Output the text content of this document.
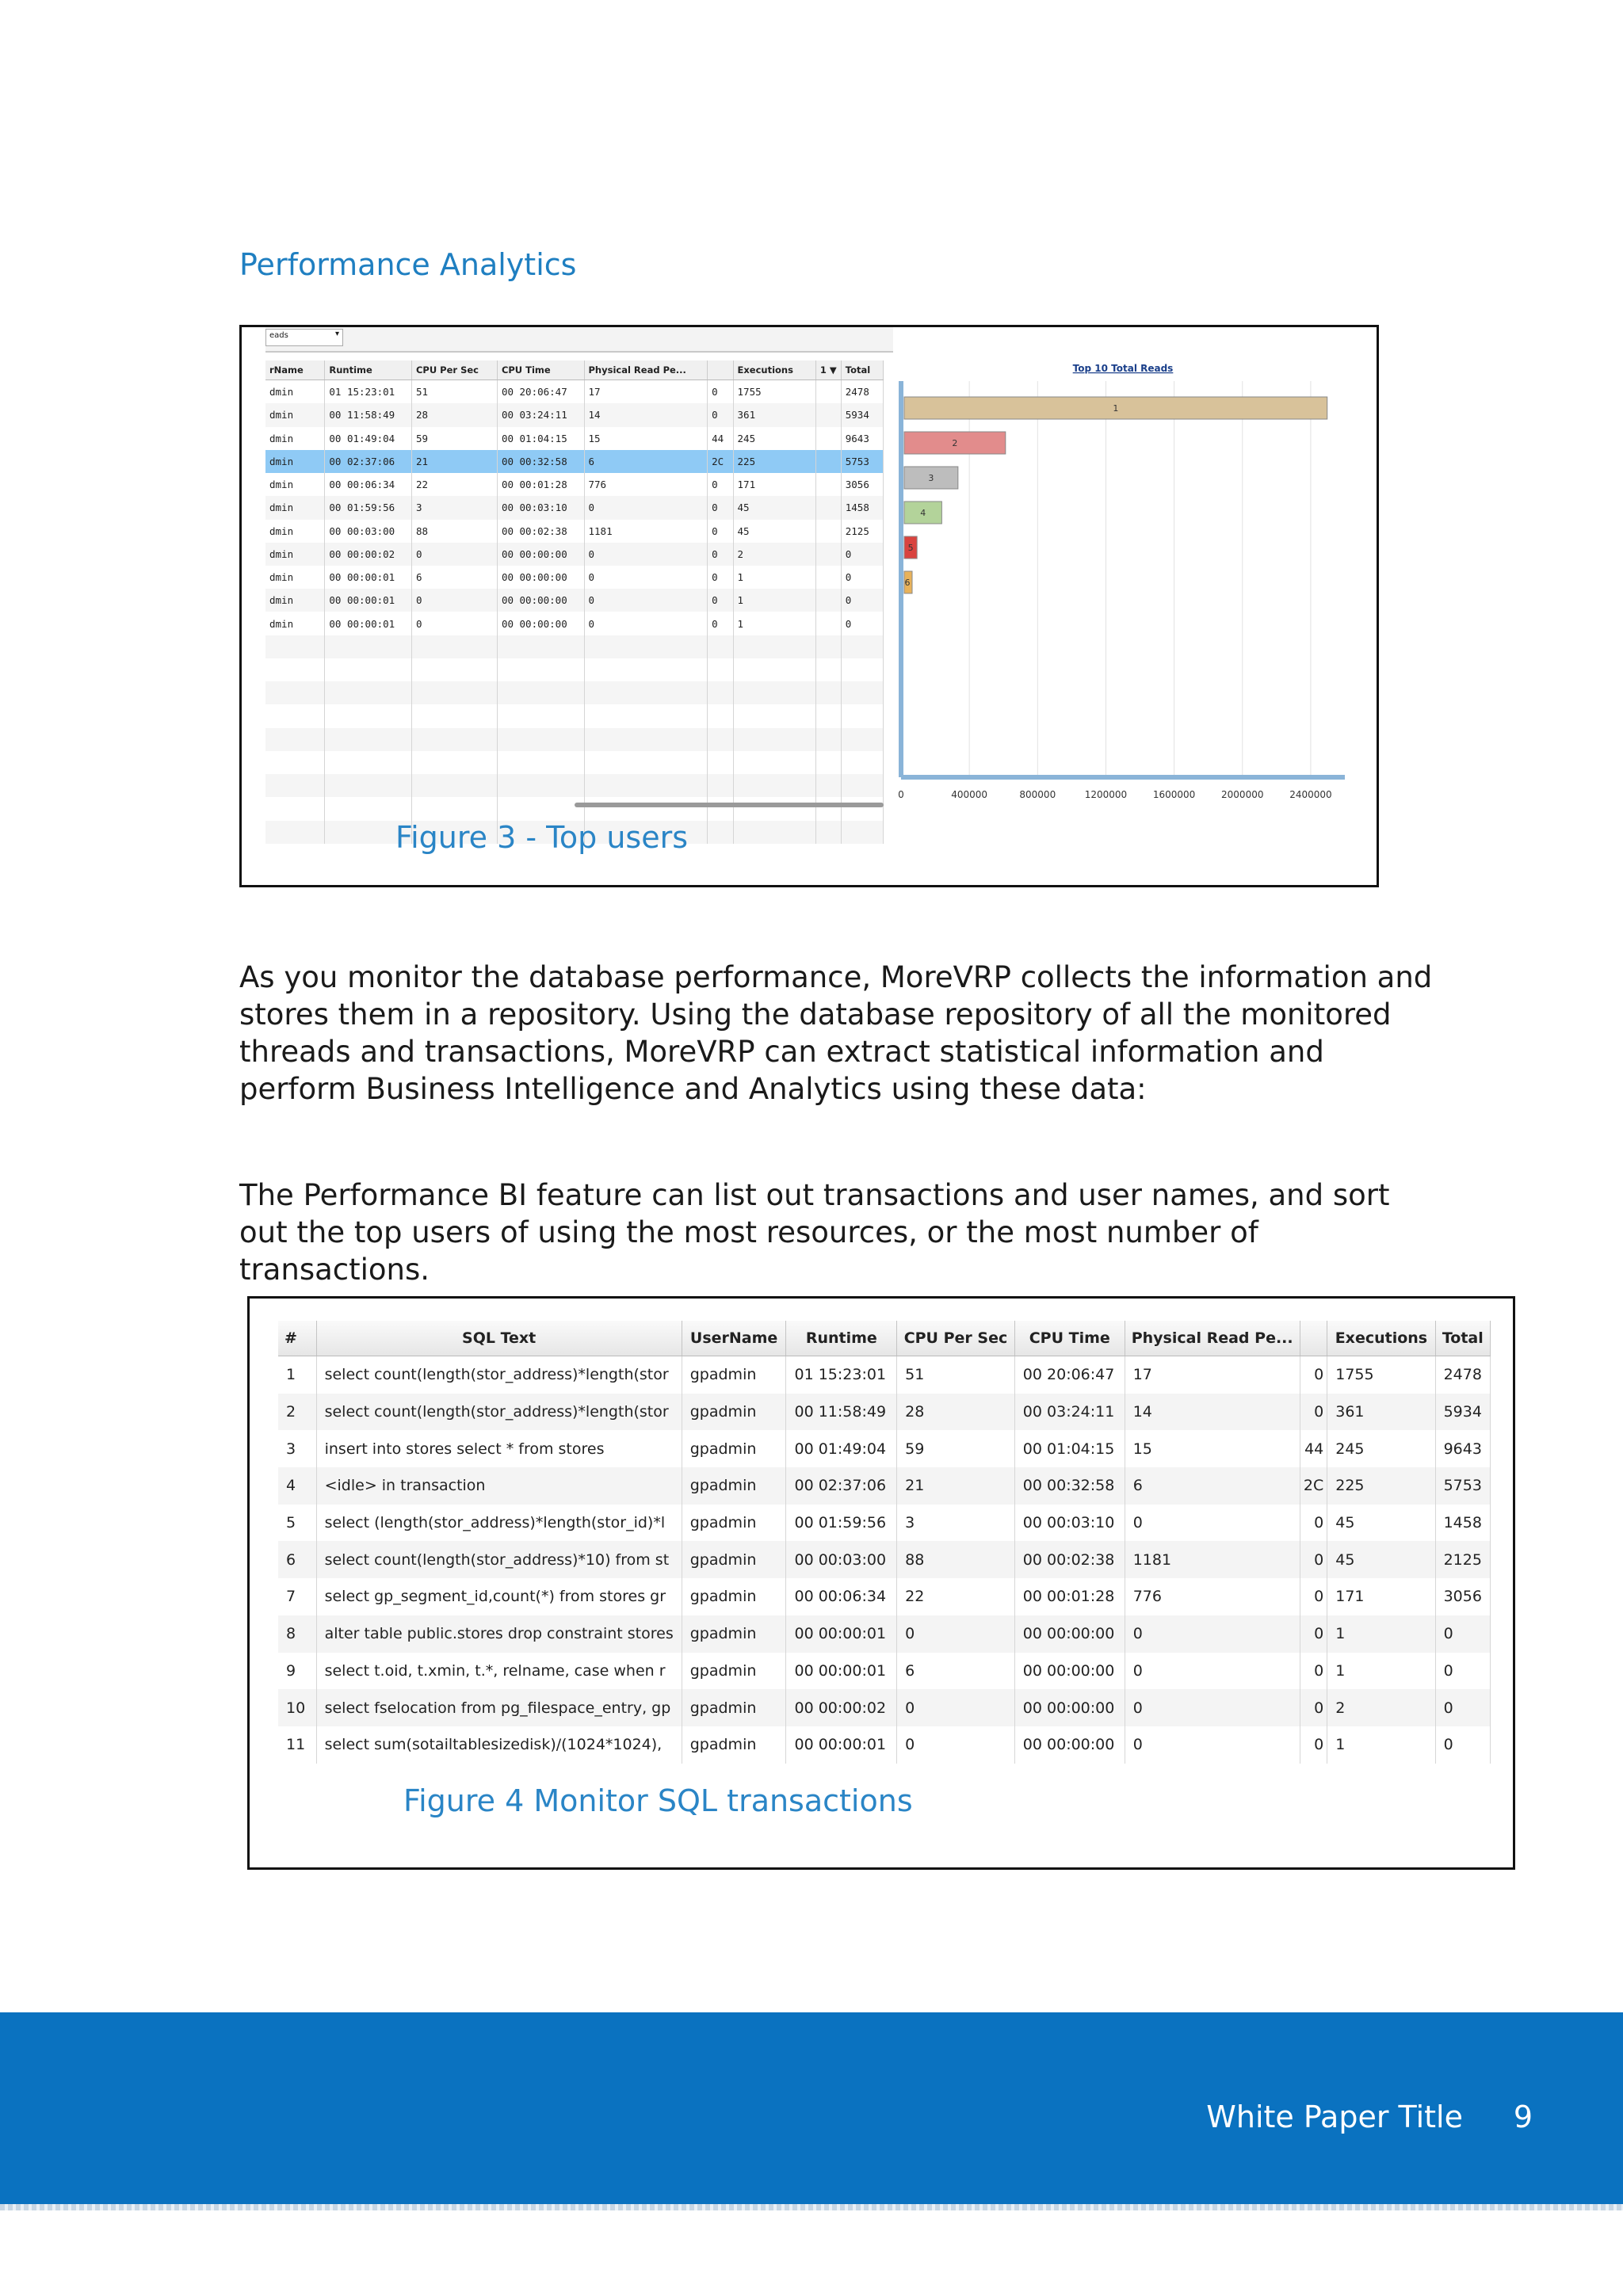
Performance Analytics
eads	▾
rName	Runtime	CPU Per Sec	CPU Time	Physical Read Pe...		Executions	1 ▼	Total
dmin	01 15:23:01	51	00 20:06:47	17	0	1755		2478
dmin	00 11:58:49	28	00 03:24:11	14	0	361		5934
dmin	00 01:49:04	59	00 01:04:15	15	44	245		9643
dmin	00 02:37:06	21	00 00:32:58	6	2C	225		5753
dmin	00 00:06:34	22	00 00:01:28	776	0	171		3056
dmin	00 01:59:56	3	00 00:03:10	0	0	45		1458
dmin	00 00:03:00	88	00 00:02:38	1181	0	45		2125
dmin	00 00:00:02	0	00 00:00:00	0	0	2		0
dmin	00 00:00:01	6	00 00:00:00	0	0	1		0
dmin	00 00:00:01	0	00 00:00:00	0	0	1		0
dmin	00 00:00:01	0	00 00:00:00	0	0	1		0

Top 10 Total Reads
0	400000	800000	1200000	1600000	2000000	2400000
1
2
3
4
5
6
Figure 3 - Top users
As you monitor the database performance, MoreVRP collects the information and stores them in a repository. Using the database repository of all the monitored threads and transactions, MoreVRP can extract statistical information and perform Business Intelligence and Analytics using these data:
The Performance BI feature can list out transactions and user names, and sort out the top users of using the most resources, or the most number of transactions.
#	SQL Text	UserName	Runtime	CPU Per Sec	CPU Time	Physical Read Pe...		Executions	Total
1	select count(length(stor_address)*length(stor	gpadmin	01 15:23:01	51	00 20:06:47	17	0	1755	2478
2	select count(length(stor_address)*length(stor	gpadmin	00 11:58:49	28	00 03:24:11	14	0	361	5934
3	insert into stores select * from stores	gpadmin	00 01:49:04	59	00 01:04:15	15	44	245	9643
4	<idle> in transaction	gpadmin	00 02:37:06	21	00 00:32:58	6	2C	225	5753
5	select (length(stor_address)*length(stor_id)*l	gpadmin	00 01:59:56	3	00 00:03:10	0	0	45	1458
6	select count(length(stor_address)*10) from st	gpadmin	00 00:03:00	88	00 00:02:38	1181	0	45	2125
7	select gp_segment_id,count(*) from stores gr	gpadmin	00 00:06:34	22	00 00:01:28	776	0	171	3056
8	alter table public.stores drop constraint stores	gpadmin	00 00:00:01	0	00 00:00:00	0	0	1	0
9	select t.oid, t.xmin, t.*, relname, case when r	gpadmin	00 00:00:01	6	00 00:00:00	0	0	1	0
10	select fselocation from pg_filespace_entry, gp	gpadmin	00 00:00:02	0	00 00:00:00	0	0	2	0
11	select sum(sotailtablesizedisk)/(1024*1024),	gpadmin	00 00:00:01	0	00 00:00:00	0	0	1	0
Figure 4 Monitor SQL transactions
White Paper Title 9
